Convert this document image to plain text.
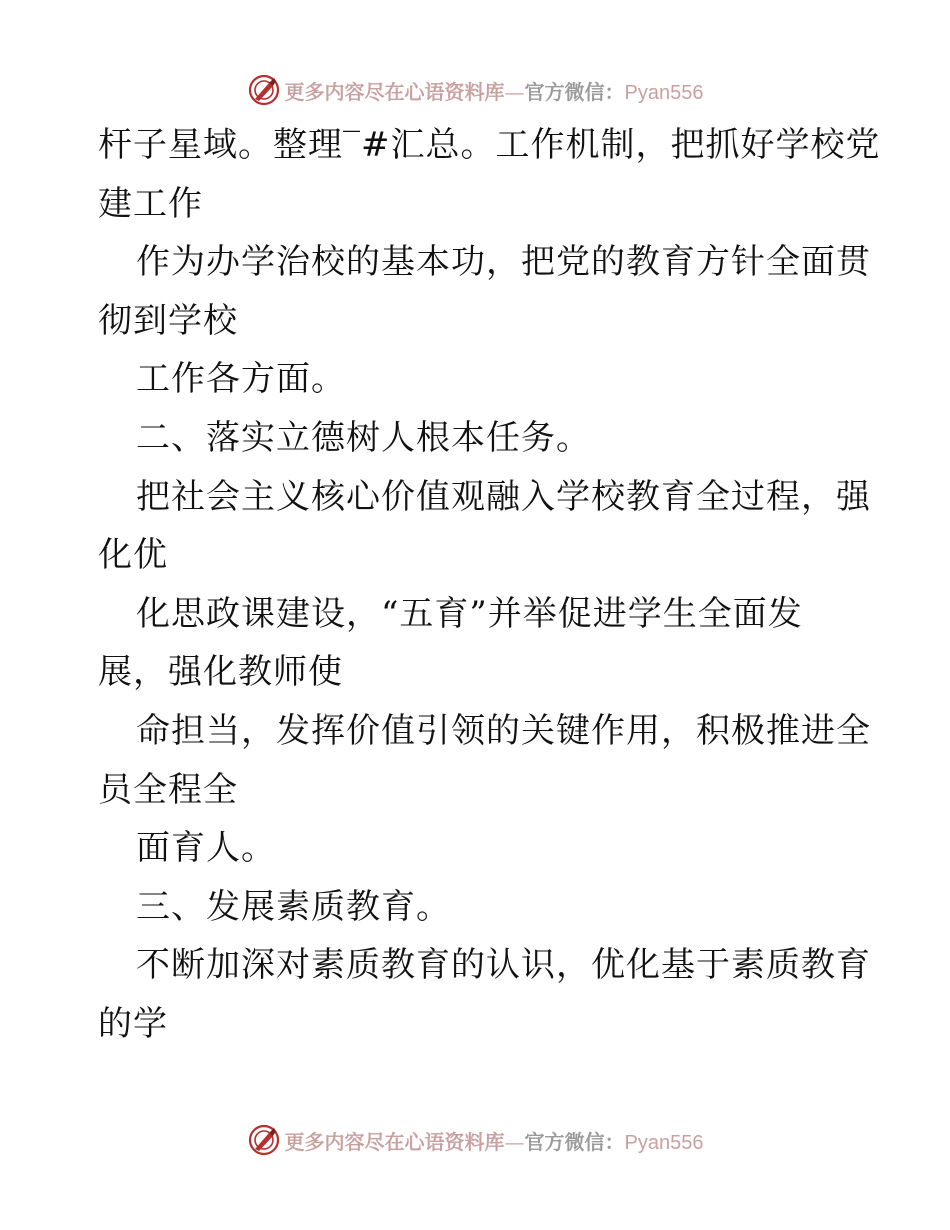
更多内容尽在心语资料库—官方微信：Pyan556
杆子星域。整理‾#汇总。工作机制，把抓好学校党
建工作
作为办学治校的基本功，把党的教育方针全面贯
彻到学校
工作各方面。
二、落实立德树人根本任务。
把社会主义核心价值观融入学校教育全过程，强
化优
化思政课建设，“五育”并举促进学生全面发
展，强化教师使
命担当，发挥价值引领的关键作用，积极推进全
员全程全
面育人。
三、发展素质教育。
不断加深对素质教育的认识，优化基于素质教育
的学
更多内容尽在心语资料库—官方微信：Pyan556
